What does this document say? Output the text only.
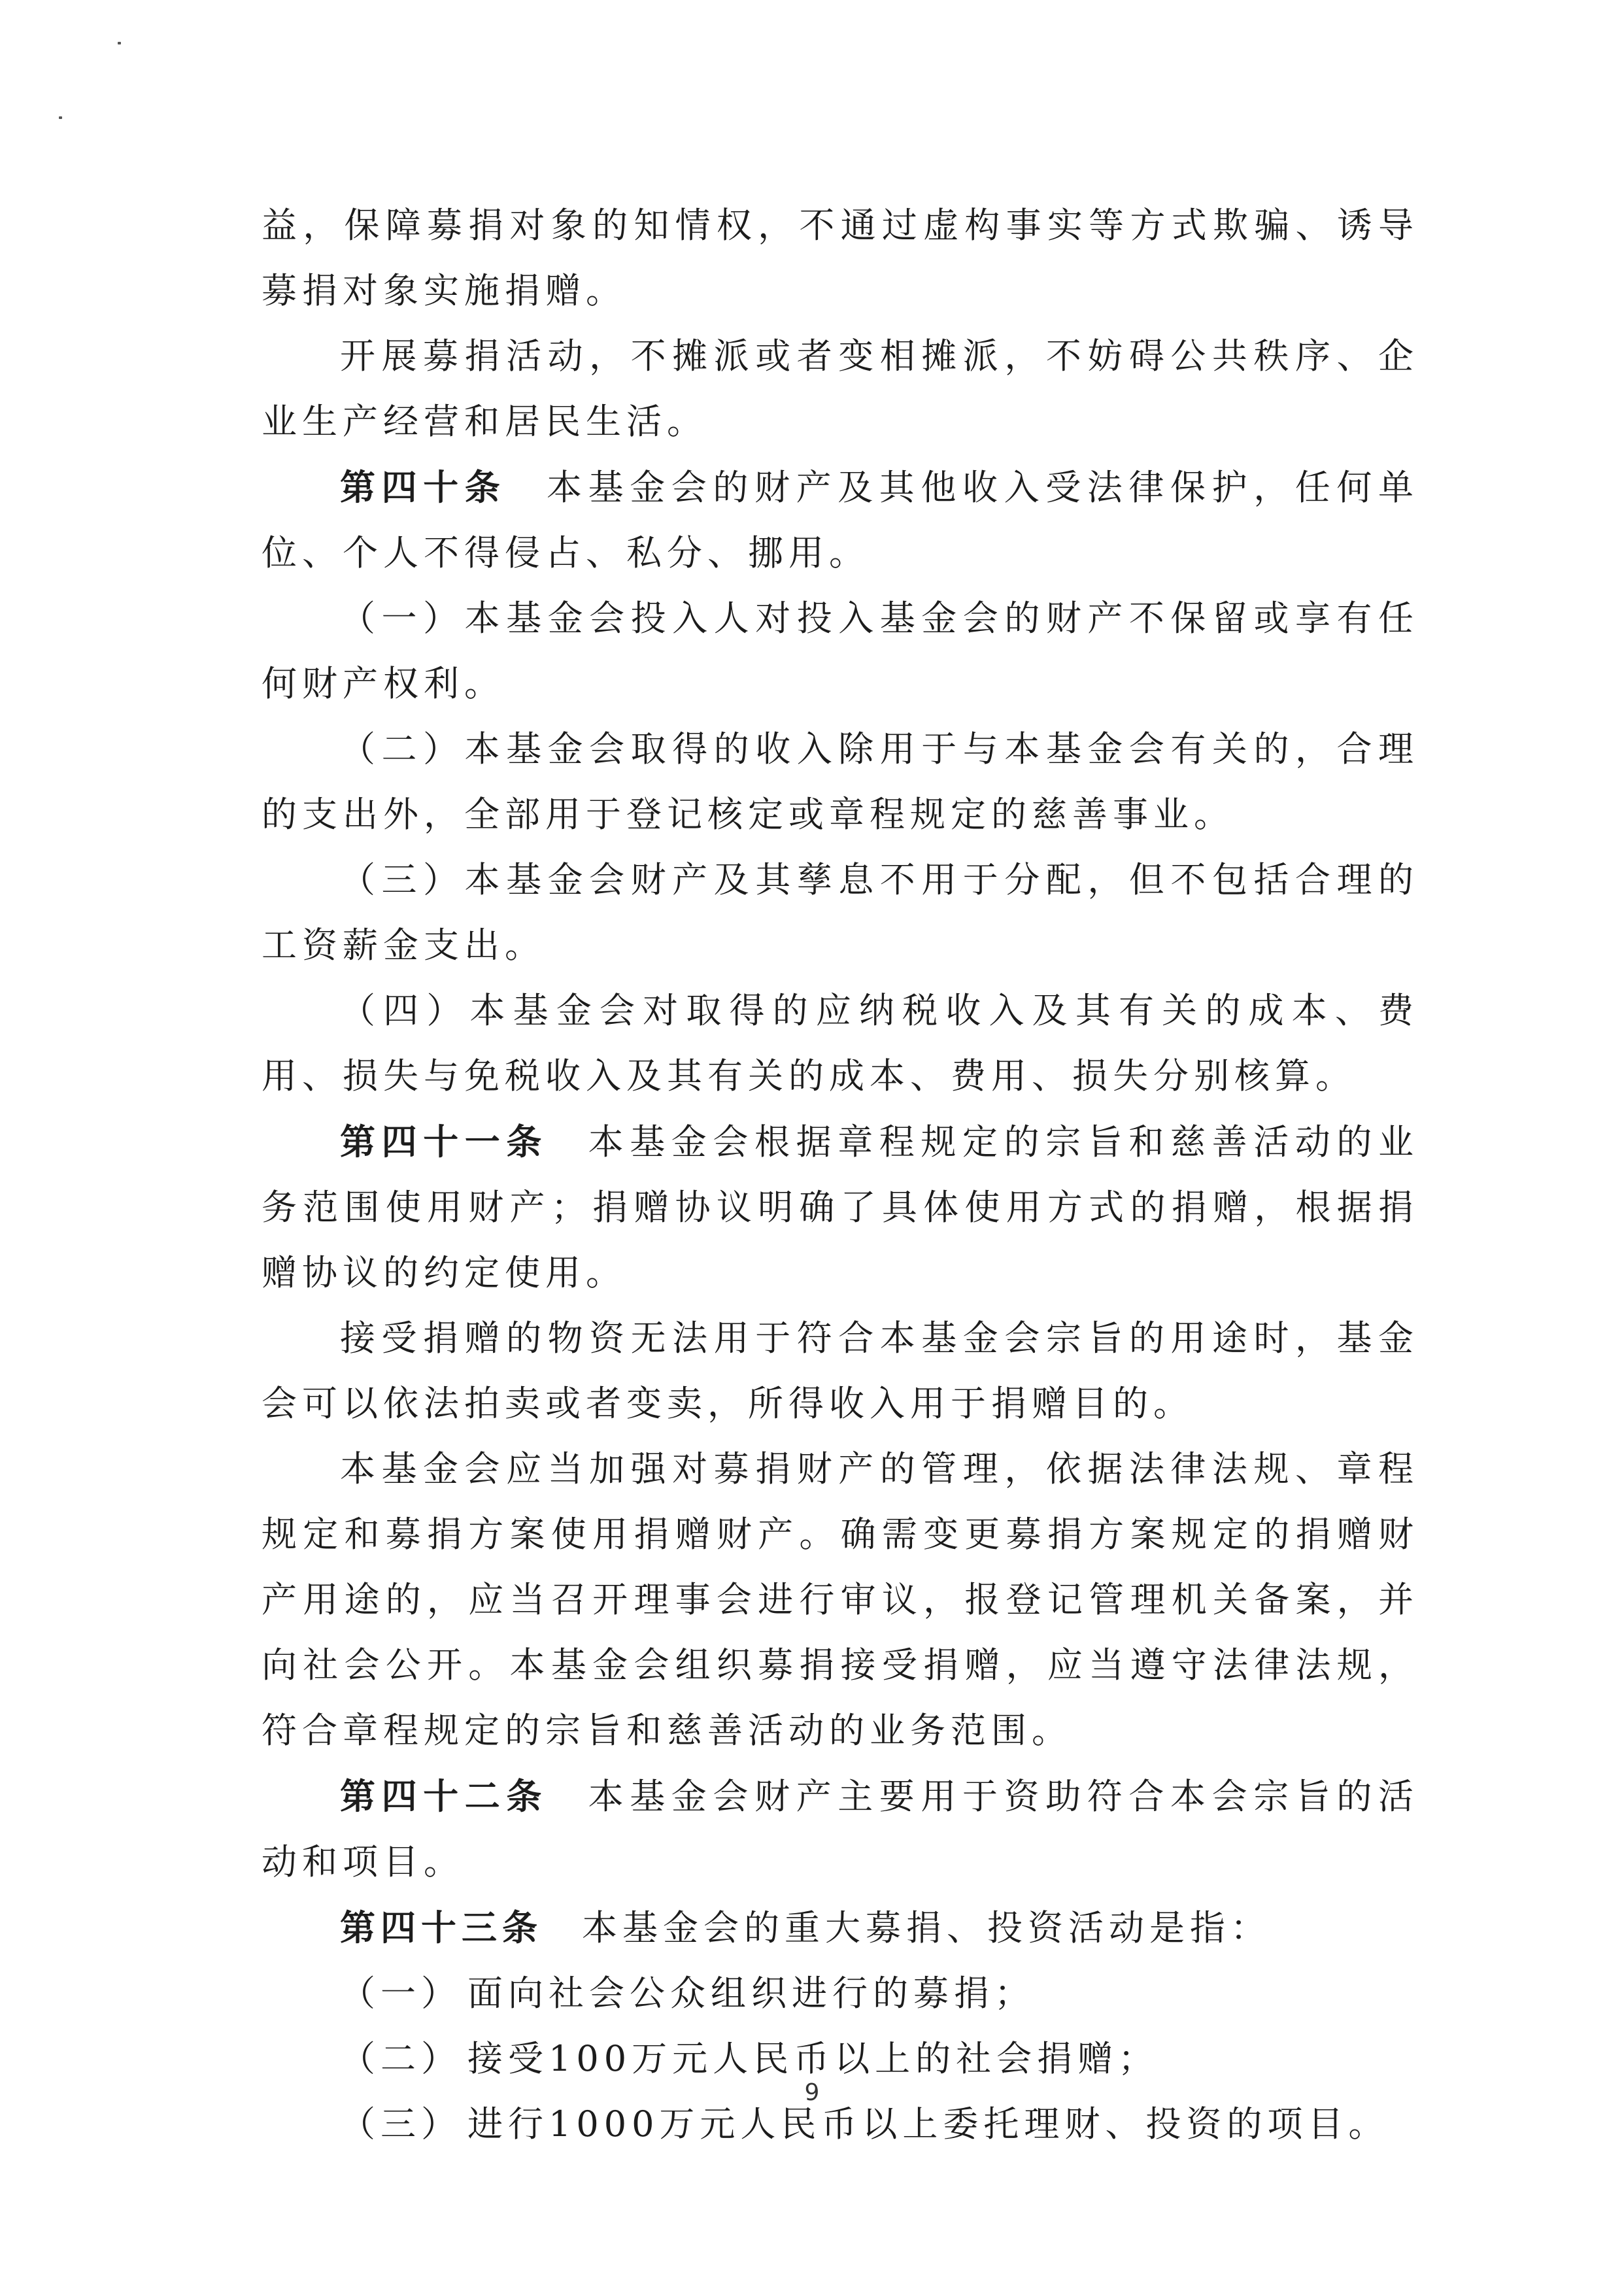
益，保障募捐对象的知情权，不通过虚构事实等方式欺骗、诱导募捐对象实施捐赠。

开展募捐活动，不摊派或者变相摊派，不妨碍公共秩序、企业生产经营和居民生活。

第四十条 本基金会的财产及其他收入受法律保护，任何单位、个人不得侵占、私分、挪用。

（一）本基金会投入人对投入基金会的财产不保留或享有任何财产权利。

（二）本基金会取得的收入除用于与本基金会有关的，合理的支出外，全部用于登记核定或章程规定的慈善事业。

（三）本基金会财产及其孳息不用于分配，但不包括合理的工资薪金支出。

（四）本基金会对取得的应纳税收入及其有关的成本、费用、损失与免税收入及其有关的成本、费用、损失分别核算。

第四十一条 本基金会根据章程规定的宗旨和慈善活动的业务范围使用财产；捐赠协议明确了具体使用方式的捐赠，根据捐赠协议的约定使用。

接受捐赠的物资无法用于符合本基金会宗旨的用途时，基金会可以依法拍卖或者变卖，所得收入用于捐赠目的。

本基金会应当加强对募捐财产的管理，依据法律法规、章程规定和募捐方案使用捐赠财产。确需变更募捐方案规定的捐赠财产用途的，应当召开理事会进行审议，报登记管理机关备案，并向社会公开。本基金会组织募捐接受捐赠，应当遵守法律法规，符合章程规定的宗旨和慈善活动的业务范围。

第四十二条 本基金会财产主要用于资助符合本会宗旨的活动和项目。

第四十三条 本基金会的重大募捐、投资活动是指：

（一） 面向社会公众组织进行的募捐；

（二） 接受100万元人民币以上的社会捐赠；

（三） 进行1000万元人民币以上委托理财、投资的项目。

9
